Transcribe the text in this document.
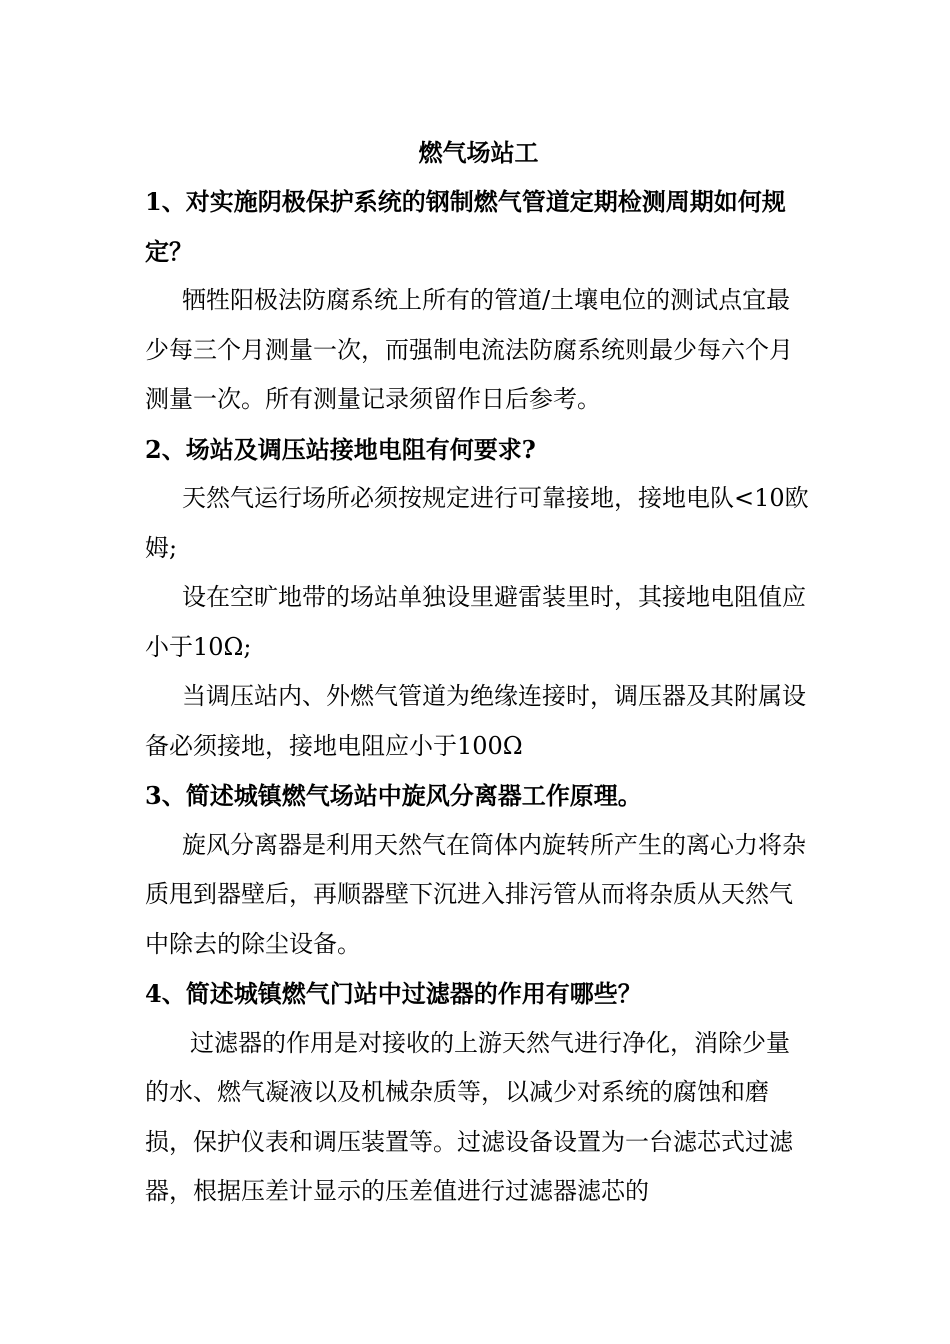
燃气场站工

1、对实施阴极保护系统的钢制燃气管道定期检测周期如何规定？

牺牲阳极法防腐系统上所有的管道/土壤电位的测试点宜最少每三个月测量一次，而强制电流法防腐系统则最少每六个月测量一次。所有测量记录须留作日后参考。

2、场站及调压站接地电阻有何要求?

天然气运行场所必须按规定进行可靠接地，接地电队<10欧姆;

设在空旷地带的场站单独设里避雷装里时，其接地电阻值应小于10Ω;

当调压站内、外燃气管道为绝缘连接时，调压器及其附属设备必须接地，接地电阻应小于100Ω

3、简述城镇燃气场站中旋风分离器工作原理。

旋风分离器是利用天然气在筒体内旋转所产生的离心力将杂质甩到器壁后，再顺器壁下沉进入排污管从而将杂质从天然气中除去的除尘设备。

4、简述城镇燃气门站中过滤器的作用有哪些？

过滤器的作用是对接收的上游天然气进行净化，消除少量的水、燃气凝液以及机械杂质等，以减少对系统的腐蚀和磨损，保护仪表和调压装置等。过滤设备设置为一台滤芯式过滤器，根据压差计显示的压差值进行过滤器滤芯的
